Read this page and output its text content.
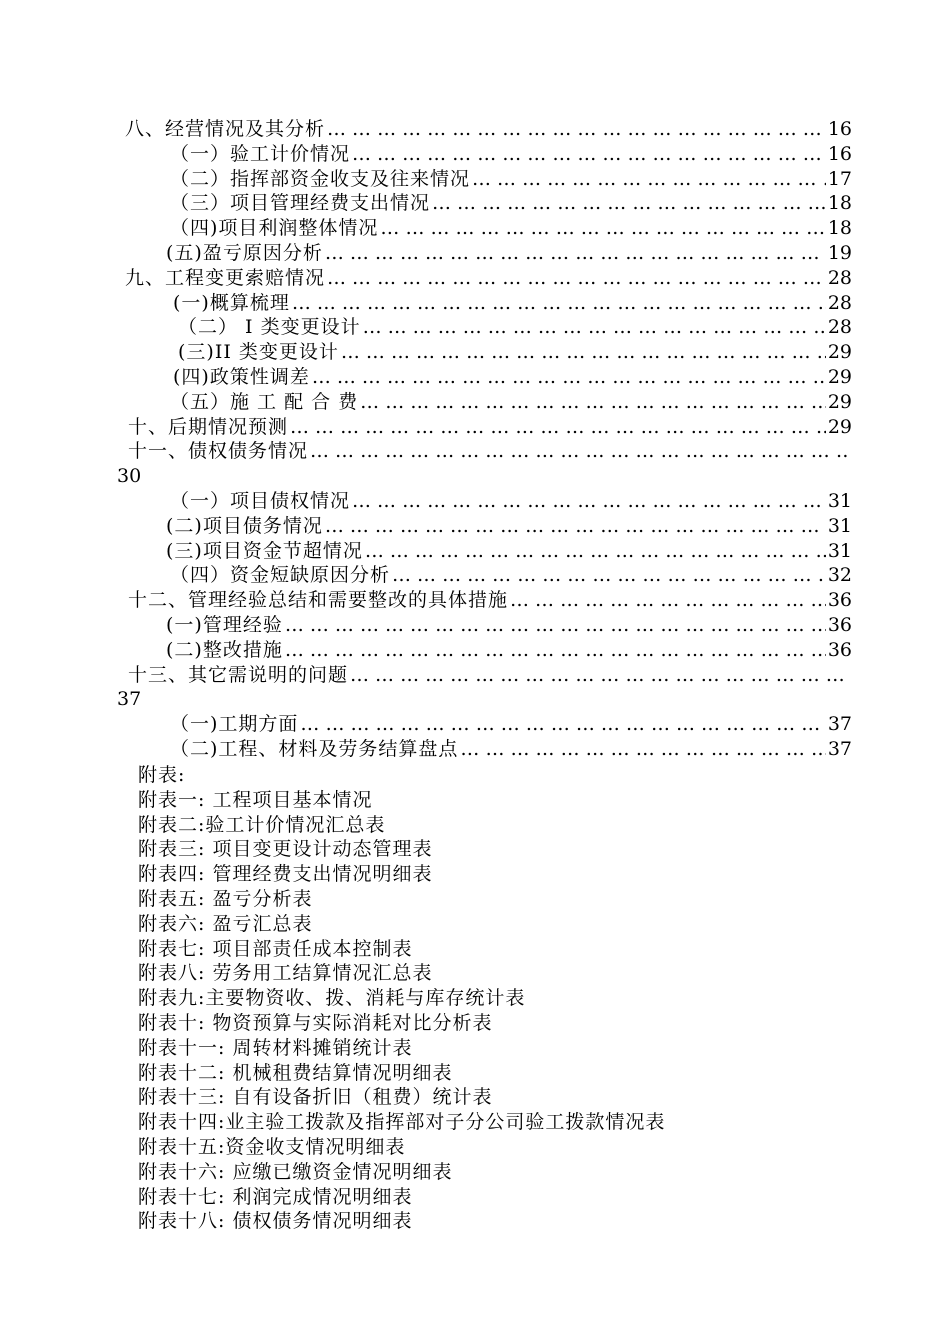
八、经营情况及其分析 … … … … … … … … … … … … … … … … … … … … … … … … … … … … … … … … … … … … … … … … … … … … … … … … … … … … … … … … … … … … … … … … …	16
（一）验工计价情况 … … … … … … … … … … … … … … … … … … … … … … … … … … … … … … … … … … … … … … … … … … … … … … … … … … … … … … … … … … … … … … … … …	16
（二）指挥部资金收支及往来情况 … … … … … … … … … … … … … … … … … … … … … … … … … … … … … … … … … … … … … … … … … … … … … … … … … … … … … … … … … … … … … … … … …	17
（三）项目管理经费支出情况 … … … … … … … … … … … … … … … … … … … … … … … … … … … … … … … … … … … … … … … … … … … … … … … … … … … … … … … … … … … … … … … … …	18
（四)项目利润整体情况 … … … … … … … … … … … … … … … … … … … … … … … … … … … … … … … … … … … … … … … … … … … … … … … … … … … … … … … … … … … … … … … … …	18
(五)盈亏原因分析 … … … … … … … … … … … … … … … … … … … … … … … … … … … … … … … … … … … … … … … … … … … … … … … … … … … … … … … … … … … … … … … … …	19
九、工程变更索赔情况 … … … … … … … … … … … … … … … … … … … … … … … … … … … … … … … … … … … … … … … … … … … … … … … … … … … … … … … … … … … … … … … … …	28
(一)概算梳理 … … … … … … … … … … … … … … … … … … … … … … … … … … … … … … … … … … … … … … … … … … … … … … … … … … … … … … … … … … … … … … … … …	28
（二） I 类变更设计 … … … … … … … … … … … … … … … … … … … … … … … … … … … … … … … … … … … … … … … … … … … … … … … … … … … … … … … … … … … … … … … … …	28
(三)II 类变更设计 … … … … … … … … … … … … … … … … … … … … … … … … … … … … … … … … … … … … … … … … … … … … … … … … … … … … … … … … … … … … … … … … …	29
(四)政策性调差 … … … … … … … … … … … … … … … … … … … … … … … … … … … … … … … … … … … … … … … … … … … … … … … … … … … … … … … … … … … … … … … … …	29
（五）施 工 配 合 费 … … … … … … … … … … … … … … … … … … … … … … … … … … … … … … … … … … … … … … … … … … … … … … … … … … … … … … … … … … … … … … … … …	29
十、后期情况预测 … … … … … … … … … … … … … … … … … … … … … … … … … … … … … … … … … … … … … … … … … … … … … … … … … … … … … … … … … … … … … … … … …	29
十一、债权债务情况
… … … … … … … … … … … … … … … … … … … … … … … … … … … … … … … … … … … … … … … … … … … … … … … … … … … … … … … … … … … … … … … … …
30
（一）项目债权情况 … … … … … … … … … … … … … … … … … … … … … … … … … … … … … … … … … … … … … … … … … … … … … … … … … … … … … … … … … … … … … … … … …	31
(二)项目债务情况 … … … … … … … … … … … … … … … … … … … … … … … … … … … … … … … … … … … … … … … … … … … … … … … … … … … … … … … … … … … … … … … … …	31
(三)项目资金节超情况 … … … … … … … … … … … … … … … … … … … … … … … … … … … … … … … … … … … … … … … … … … … … … … … … … … … … … … … … … … … … … … … … …	31
（四）资金短缺原因分析 … … … … … … … … … … … … … … … … … … … … … … … … … … … … … … … … … … … … … … … … … … … … … … … … … … … … … … … … … … … … … … … … …	32
十二、管理经验总结和需要整改的具体措施 … … … … … … … … … … … … … … … … … … … … … … … … … … … … … … … … … … … … … … … … … … … … … … … … … … … … … … … … … … … … … … … … …	36
(一)管理经验 … … … … … … … … … … … … … … … … … … … … … … … … … … … … … … … … … … … … … … … … … … … … … … … … … … … … … … … … … … … … … … … … …	36
(二)整改措施 … … … … … … … … … … … … … … … … … … … … … … … … … … … … … … … … … … … … … … … … … … … … … … … … … … … … … … … … … … … … … … … … …	36
十三、其它需说明的问题
… … … … … … … … … … … … … … … … … … … … … … … … … … … … … … … … … … … … … … … … … … … … … … … … … … … … … … … … … … … … … … … … …
37
（一)工期方面 … … … … … … … … … … … … … … … … … … … … … … … … … … … … … … … … … … … … … … … … … … … … … … … … … … … … … … … … … … … … … … … … …	37
（二)工程、材料及劳务结算盘点 … … … … … … … … … … … … … … … … … … … … … … … … … … … … … … … … … … … … … … … … … … … … … … … … … … … … … … … … … … … … … … … … …	37
附表:
附表一: 工程项目基本情况
附表二:验工计价情况汇总表
附表三: 项目变更设计动态管理表
附表四: 管理经费支出情况明细表
附表五: 盈亏分析表
附表六: 盈亏汇总表
附表七: 项目部责任成本控制表
附表八: 劳务用工结算情况汇总表
附表九:主要物资收、拨、消耗与库存统计表
附表十: 物资预算与实际消耗对比分析表
附表十一: 周转材料摊销统计表
附表十二: 机械租费结算情况明细表
附表十三: 自有设备折旧（租费）统计表
附表十四:业主验工拨款及指挥部对子分公司验工拨款情况表
附表十五:资金收支情况明细表
附表十六: 应缴已缴资金情况明细表
附表十七: 利润完成情况明细表
附表十八: 债权债务情况明细表
